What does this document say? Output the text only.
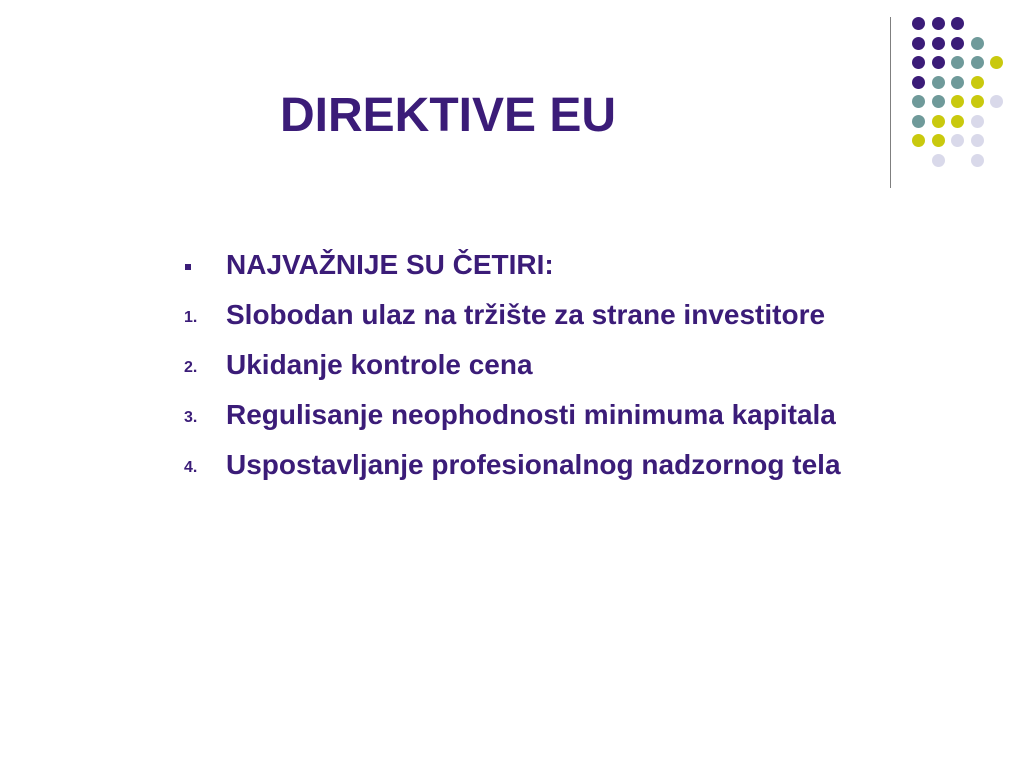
DIREKTIVE EU
NAJVAŽNIJE SU ČETIRI:
1.	Slobodan ulaz na tržište za strane investitore
2.	Ukidanje kontrole cena
3.	Regulisanje neophodnosti minimuma kapitala
4.	Uspostavljanje profesionalnog nadzornog tela
